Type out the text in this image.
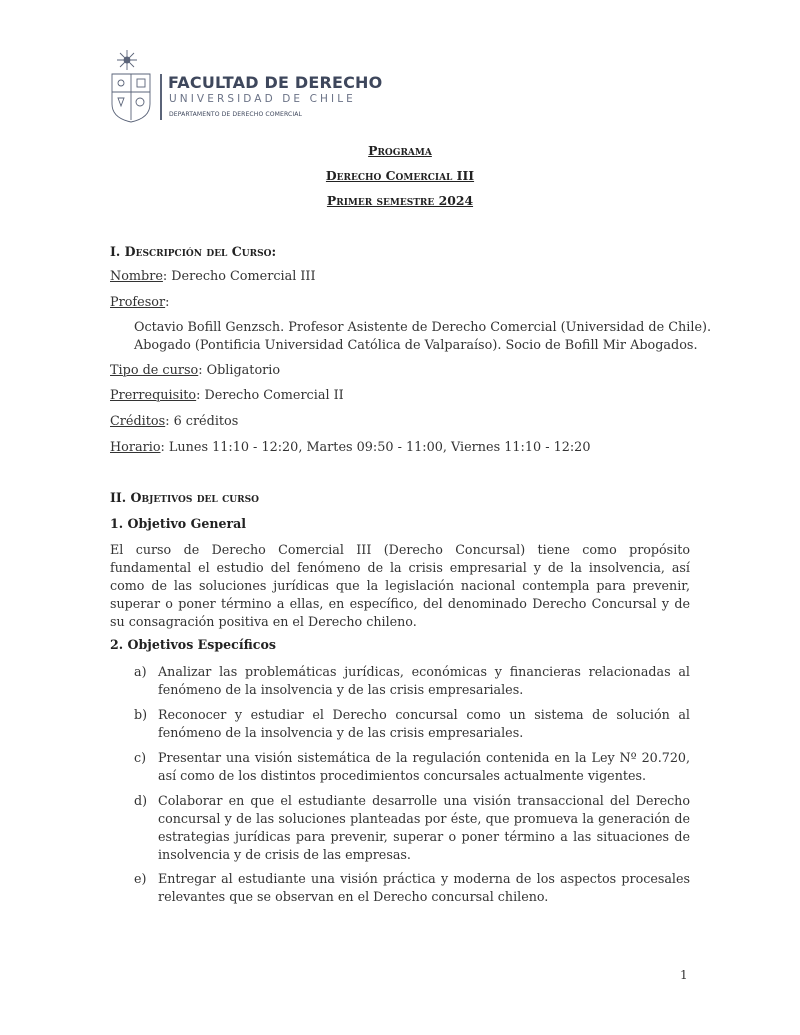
FACULTAD DE DERECHO
UNIVERSIDAD DE CHILE
DEPARTAMENTO DE DERECHO COMERCIAL
Programa
Derecho Comercial III
Primer semestre 2024
I. Descripción del Curso:
Nombre: Derecho Comercial III
Profesor:
Octavio Bofill Genzsch. Profesor Asistente de Derecho Comercial (Universidad de Chile).
Abogado (Pontificia Universidad Católica de Valparaíso). Socio de Bofill Mir Abogados.
Tipo de curso: Obligatorio
Prerrequisito: Derecho Comercial II
Créditos: 6 créditos
Horario: Lunes 11:10 - 12:20, Martes 09:50 - 11:00, Viernes 11:10 - 12:20
II. Objetivos del curso
1. Objetivo General
El curso de Derecho Comercial III (Derecho Concursal) tiene como propósito fundamental el estudio del fenómeno de la crisis empresarial y de la insolvencia, así como de las soluciones jurídicas que la legislación nacional contempla para prevenir, superar o poner término a ellas, en específico, del denominado Derecho Concursal y de su consagración positiva en el Derecho chileno.
2. Objetivos Específicos
a) Analizar las problemáticas jurídicas, económicas y financieras relacionadas al fenómeno de la insolvencia y de las crisis empresariales.
b) Reconocer y estudiar el Derecho concursal como un sistema de solución al fenómeno de la insolvencia y de las crisis empresariales.
c) Presentar una visión sistemática de la regulación contenida en la Ley Nº 20.720, así como de los distintos procedimientos concursales actualmente vigentes.
d) Colaborar en que el estudiante desarrolle una visión transaccional del Derecho concursal y de las soluciones planteadas por éste, que promueva la generación de estrategias jurídicas para prevenir, superar o poner término a las situaciones de insolvencia y de crisis de las empresas.
e) Entregar al estudiante una visión práctica y moderna de los aspectos procesales relevantes que se observan en el Derecho concursal chileno.
1
